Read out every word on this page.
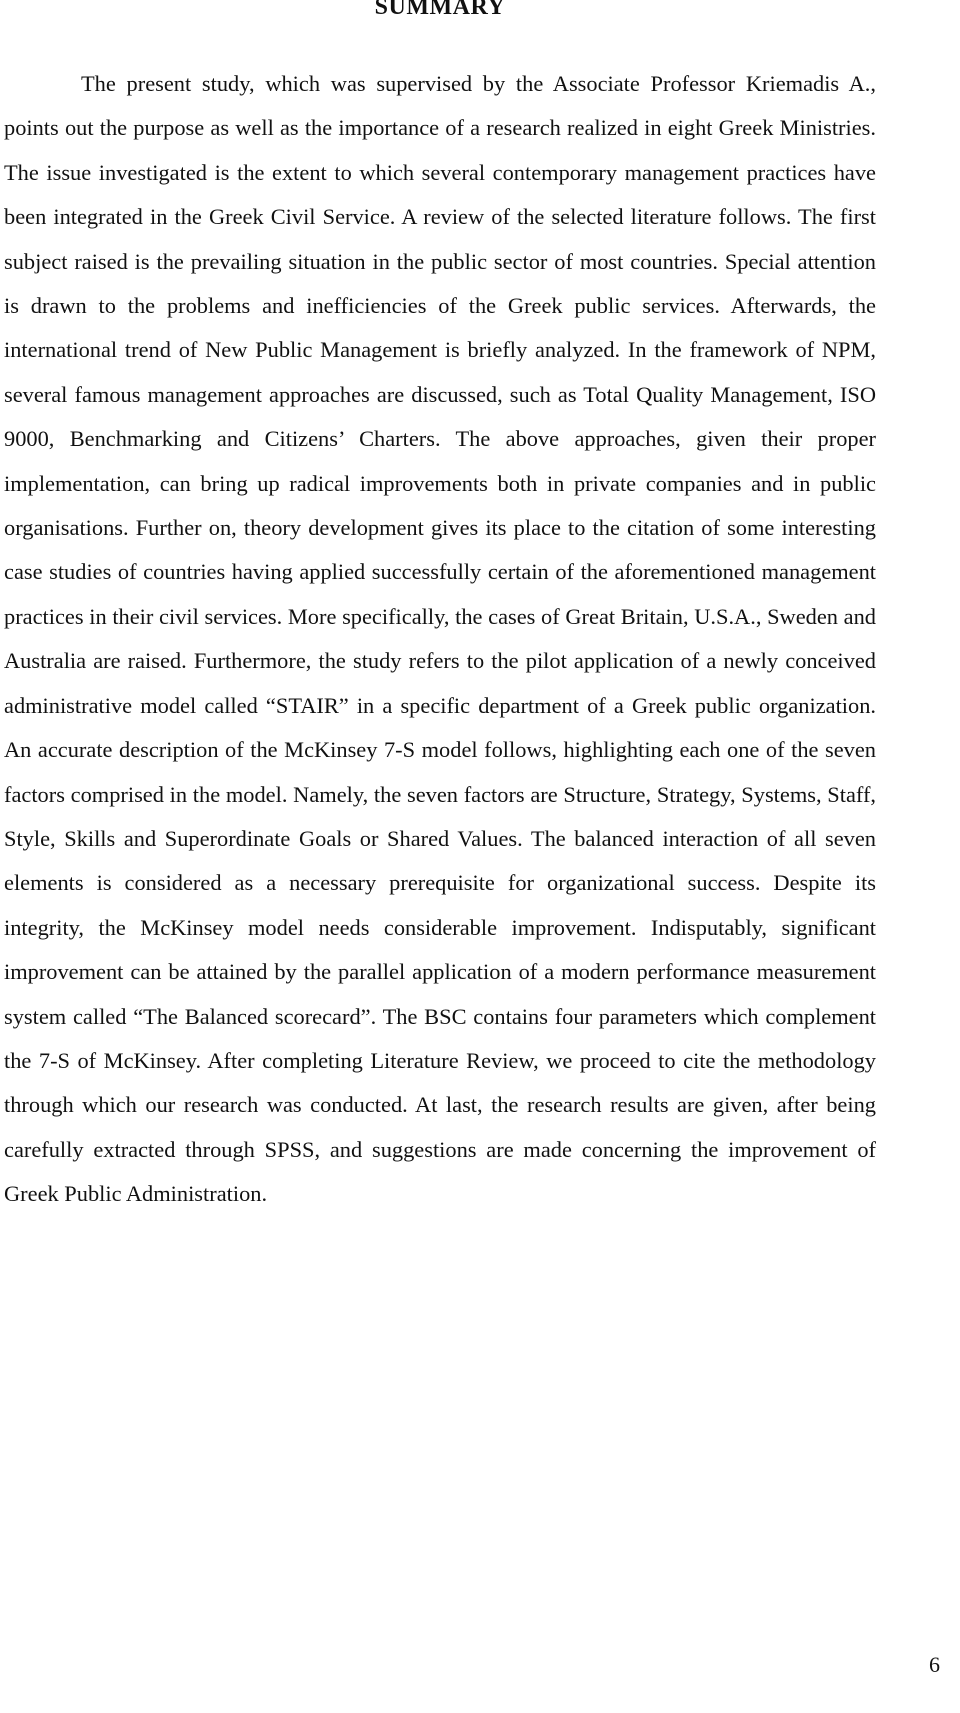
SUMMARY

The present study, which was supervised by the Associate Professor Kriemadis A., points out the purpose as well as the importance of a research realized in eight Greek Ministries. The issue investigated is the extent to which several contemporary management practices have been integrated in the Greek Civil Service. A review of the selected literature follows. The first subject raised is the prevailing situation in the public sector of most countries. Special attention is drawn to the problems and inefficiencies of the Greek public services. Afterwards, the international trend of New Public Management is briefly analyzed. In the framework of NPM, several famous management approaches are discussed, such as Total Quality Management, ISO 9000, Benchmarking and Citizens’ Charters. The above approaches, given their proper implementation, can bring up radical improvements both in private companies and in public organisations. Further on, theory development gives its place to the citation of some interesting case studies of countries having applied successfully certain of the aforementioned management practices in their civil services. More specifically, the cases of Great Britain, U.S.A., Sweden and Australia are raised. Furthermore, the study refers to the pilot application of a newly conceived administrative model called “STAIR” in a specific department of a Greek public organization. An accurate description of the McKinsey 7-S model follows, highlighting each one of the seven factors comprised in the model. Namely, the seven factors are Structure, Strategy, Systems, Staff, Style, Skills and Superordinate Goals or Shared Values. The balanced interaction of all seven elements is considered as a necessary prerequisite for organizational success. Despite its integrity, the McKinsey model needs considerable improvement. Indisputably, significant improvement can be attained by the parallel application of a modern performance measurement system called “The Balanced scorecard”. The BSC contains four parameters which complement the 7-S of McKinsey. After completing Literature Review, we proceed to cite the methodology through which our research was conducted. At last, the research results are given, after being carefully extracted through SPSS, and suggestions are made concerning the improvement of Greek Public Administration.

6
